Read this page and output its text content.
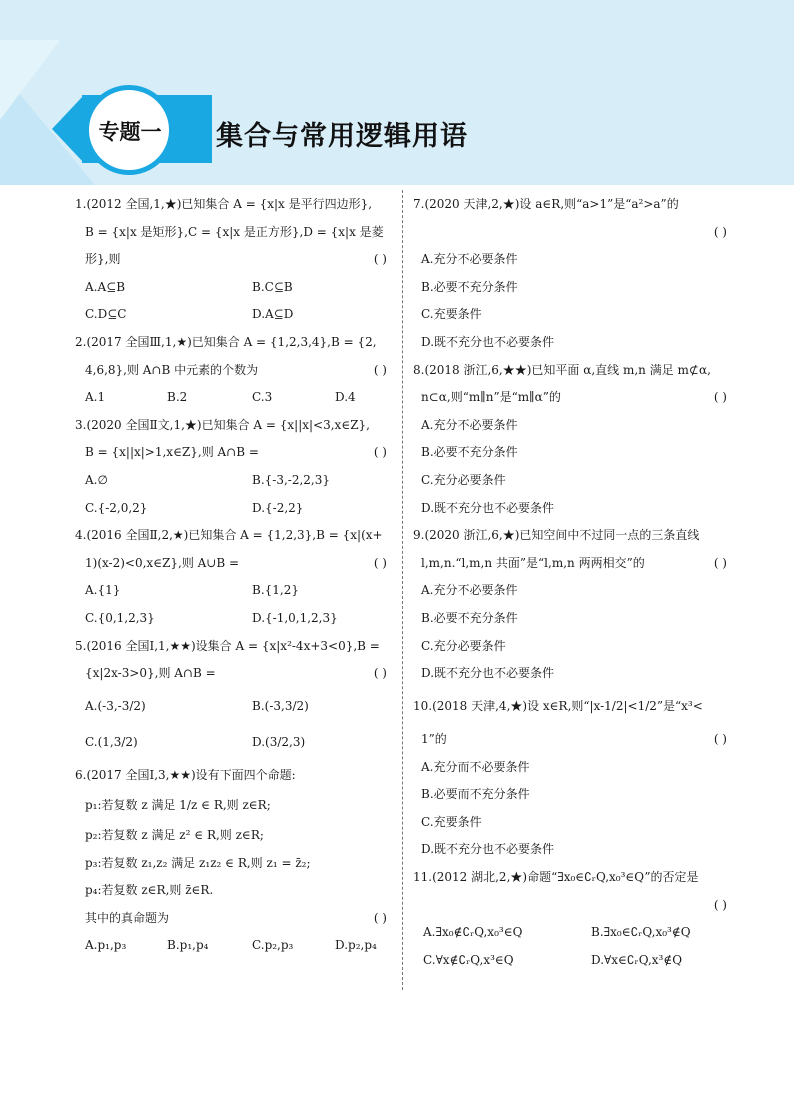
专题一	集合与常用逻辑用语
1.(2012 全国,1,★)已知集合 A = {x|x 是平行四边形},
B = {x|x 是矩形},C = {x|x 是正方形},D = {x|x 是菱
形},则	( )
A.A⊆B	B.C⊆B
C.D⊆C	D.A⊆D
2.(2017 全国Ⅲ,1,★)已知集合 A = {1,2,3,4},B = {2,
4,6,8},则 A∩B 中元素的个数为	( )
A.1	B.2	C.3	D.4
3.(2020 全国Ⅱ文,1,★)已知集合 A = {x||x|<3,x∈Z},
B = {x||x|>1,x∈Z},则 A∩B =	( )
A.∅	B.{-3,-2,2,3}
C.{-2,0,2}	D.{-2,2}
4.(2016 全国Ⅱ,2,★)已知集合 A = {1,2,3},B = {x|(x+
1)(x-2)<0,x∈Z},则 A∪B =	( )
A.{1}	B.{1,2}
C.{0,1,2,3}	D.{-1,0,1,2,3}
5.(2016 全国Ⅰ,1,★★)设集合 A = {x|x²-4x+3<0},B =
{x|2x-3>0},则 A∩B =	( )
A.(-3,-3/2)	B.(-3,3/2)
C.(1,3/2)	D.(3/2,3)
6.(2017 全国Ⅰ,3,★★)设有下面四个命题:
p₁:若复数 z 满足 1/z ∈ R,则 z∈R;
p₂:若复数 z 满足 z² ∈ R,则 z∈R;
p₃:若复数 z₁,z₂ 满足 z₁z₂ ∈ R,则 z₁ = z̄₂;
p₄:若复数 z∈R,则 z̄∈R.
其中的真命题为	( )
A.p₁,p₃	B.p₁,p₄	C.p₂,p₃	D.p₂,p₄
7.(2020 天津,2,★)设 a∈R,则“a>1”是“a²>a”的
( )
A.充分不必要条件
B.必要不充分条件
C.充要条件
D.既不充分也不必要条件
8.(2018 浙江,6,★★)已知平面 α,直线 m,n 满足 m⊄α,
n⊂α,则“m∥n”是“m∥α”的	( )
A.充分不必要条件
B.必要不充分条件
C.充分必要条件
D.既不充分也不必要条件
9.(2020 浙江,6,★)已知空间中不过同一点的三条直线
l,m,n.“l,m,n 共面”是“l,m,n 两两相交”的	( )
A.充分不必要条件
B.必要不充分条件
C.充分必要条件
D.既不充分也不必要条件
10.(2018 天津,4,★)设 x∈R,则“|x-1/2|<1/2”是“x³<
1”的	( )
A.充分而不必要条件
B.必要而不充分条件
C.充要条件
D.既不充分也不必要条件
11.(2012 湖北,2,★)命题“∃x₀∈∁ᵣQ,x₀³∈Q”的否定是
( )
A.∃x₀∉∁ᵣQ,x₀³∈Q	B.∃x₀∈∁ᵣQ,x₀³∉Q
C.∀x∉∁ᵣQ,x³∈Q	D.∀x∈∁ᵣQ,x³∉Q
